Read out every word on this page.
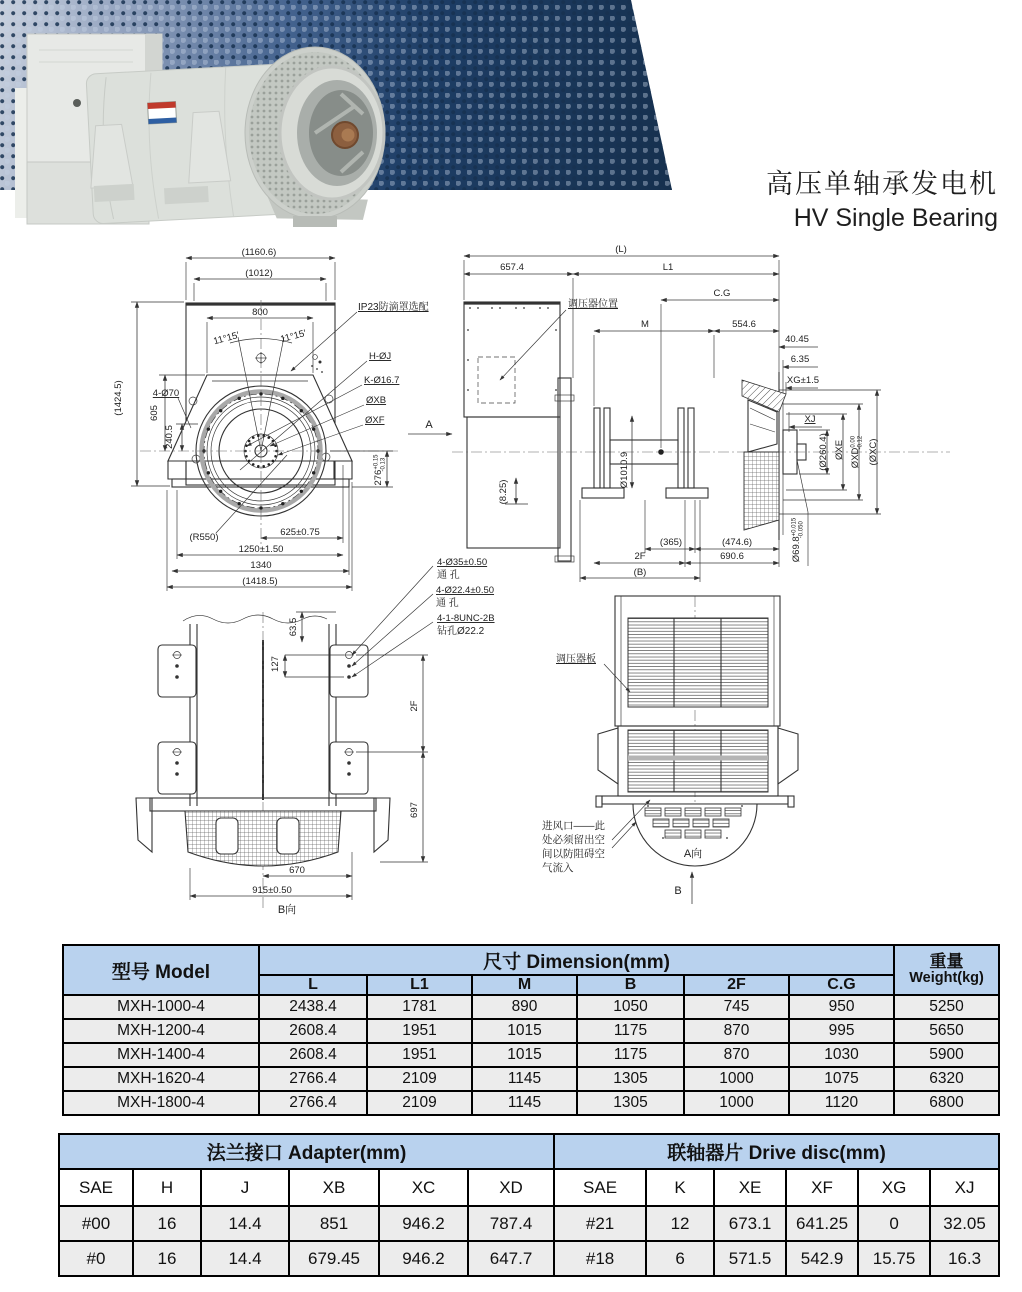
高压单轴承发电机
HV Single Bearing
(1160.6)
(1012)
800
11°15′	11°15′
(1424.5)	605
240.5
4-Ø70
$276^{+0.15}-0.13$
(R550)	625±0.75
1250±1.50
1340
(1418.5)
IP23防滴罩选配
H-ØJ
K-Ø16.7
ØXB
ØXF	A
(L)
657.4	L1
C.G
M	554.6
40.45
6.35
XG±1.5
XJ
调压器位置
(Ø260.4) ØXE $ØXD^{0.00}-0.12$ (ØXC)
Ø1010.9
(8.25)
$Ø69.8^{+0.015}-0.050$
(365)	(474.6)
2F	690.6
(B)
63.5
127
2F
697
670
915±0.50
B向
4-Ø35±0.50
通 孔
4-Ø22.4±0.50
通 孔
4-1-8UNC-2B
钻孔Ø22.2
调压器板
进风口——此
处必须留出空
间以防阻碍空
气流入
A向
B
型号 Model	尺寸 Dimension(mm)						重量
Weight(kg)

	L	L1	M	B	2F	C.G	
MXH-1000-4	2438.4	1781	890	1050	745	950	5250
MXH-1200-4	2608.4	1951	1015	1175	870	995	5650
MXH-1400-4	2608.4	1951	1015	1175	870	1030	5900
MXH-1620-4	2766.4	2109	1145	1305	1000	1075	6320
MXH-1800-4	2766.4	2109	1145	1305	1000	1120	6800
法兰接口 Adapter(mm)						联轴器片 Drive disc(mm)					
SAE	H	J	XB	XC	XD	SAE	K	XE	XF	XG	XJ
#00	16	14.4	851	946.2	787.4	#21	12	673.1	641.25	0	32.05
#0	16	14.4	679.45	946.2	647.7	#18	6	571.5	542.9	15.75	16.3
